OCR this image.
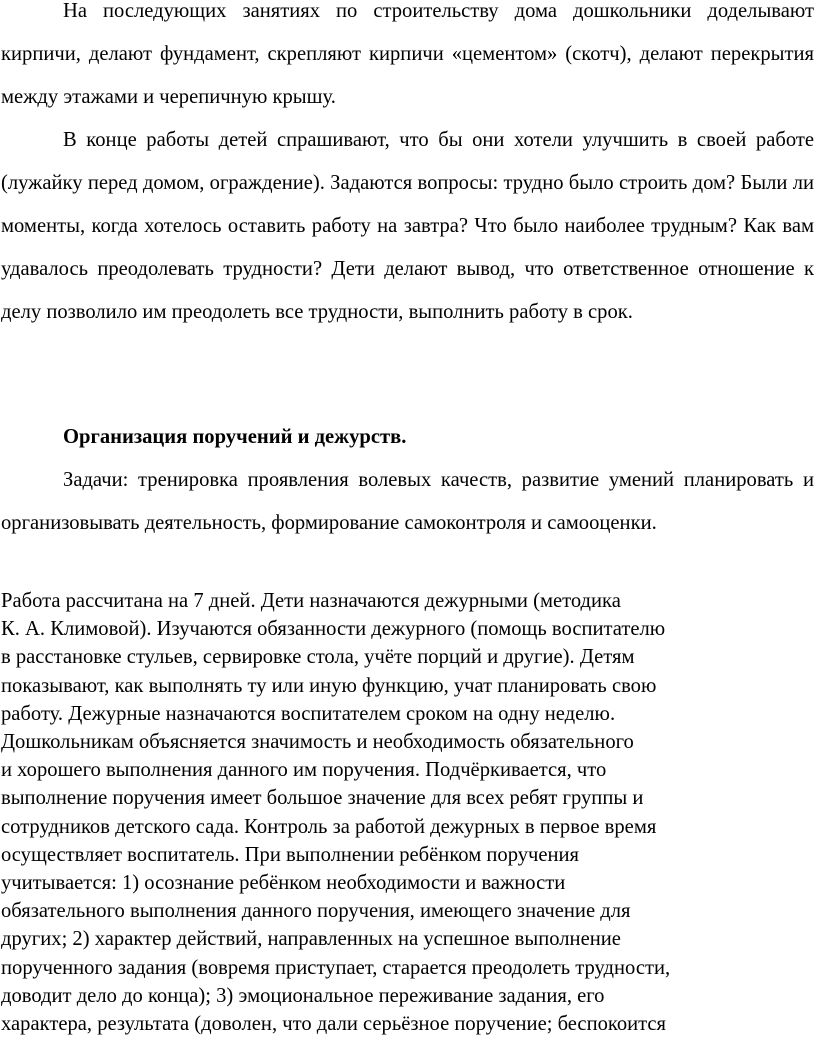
На последующих занятиях по строительству дома дошкольники доделывают кирпичи, делают фундамент, скрепляют кирпичи «цементом» (скотч), делают перекрытия между этажами и черепичную крышу.

В конце работы детей спрашивают, что бы они хотели улучшить в своей работе (лужайку перед домом, ограждение). Задаются вопросы: трудно было строить дом? Были ли моменты, когда хотелось оставить работу на завтра? Что было наиболее трудным? Как вам удавалось преодолевать трудности? Дети делают вывод, что ответственное отношение к делу позволило им преодолеть все трудности, выполнить работу в срок.

Организация поручений и дежурств.

Задачи: тренировка проявления волевых качеств, развитие умений планировать и организовывать деятельность, формирование самоконтроля и самооценки.

Работа рассчитана на 7 дней. Дети назначаются дежурными (методика
К. А. Климовой). Изучаются обязанности дежурного (помощь воспитателю
в расстановке стульев, сервировке стола, учёте порций и другие). Детям
показывают, как выполнять ту или иную функцию, учат планировать свою
работу. Дежурные назначаются воспитателем сроком на одну неделю.
Дошкольникам объясняется значимость и необходимость обязательного
и хорошего выполнения данного им поручения. Подчёркивается, что
выполнение поручения имеет большое значение для всех ребят группы и
сотрудников детского сада. Контроль за работой дежурных в первое время
осуществляет воспитатель. При выполнении ребёнком поручения
учитывается: 1) осознание ребёнком необходимости и важности
обязательного выполнения данного поручения, имеющего значение для
других; 2) характер действий, направленных на успешное выполнение
порученного задания (вовремя приступает, старается преодолеть трудности,
доводит дело до конца); 3) эмоциональное переживание задания, его
характера, результата (доволен, что дали серьёзное поручение; беспокоится
